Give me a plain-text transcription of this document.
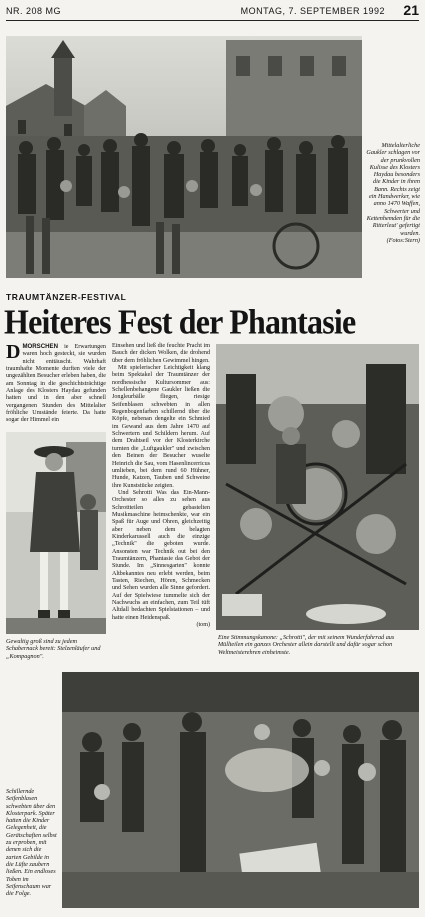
NR. 208 MG	MONTAG, 7. SEPTEMBER 1992 21
Mittelalterliche Gaukler schlagen vor der prunkvollen Kulisse des Klosters Haydau besonders die Kinder in ihren Bann. Rechts zeigt ein Handwerker, wie anno 1470 Waffen, Schwerter und Kettenhemden für die Ritterleut' gefertigt wurden. (Fotos:Stern)
TRAUMTÄNZER-FESTIVAL
Heiteres Fest der Phantasie

MORSCHEN
D	ie Erwartungen waren hoch gesteckt, sie wurden nicht enttäuscht. Wahrhaft traumhafte Momente durften viele der ungezählten Besucher erleben haben, die am Sonntag in die geschichtsträchtige Anlage des Klosters Haydau gefunden hatten und in den aber schnell vergangenen Stunden des Mittelalter fröhliche Umstände feierte. Da hatte sogar der Himmel ein

Gewaltig groß sind zu jedem Schabernack bereit: Stelzenläufer und „Kompagnon".

Einsehen und ließ die feuchte Pracht im Bauch der dicken Wolken, die drohend über dem fröhlichen Gewimmel hingen.

Mit spielerischer Leichtigkeit klang beim Spektakel der Traumtänzer der nordhessische Kultursommer aus: Schellenbehangene Gaukler ließen die Jongleurbälle fliegen, riesige Seifenblasen schwebten in allen Regenbogenfarben schillernd über die Köpfe, nebenan dengelte ein Schmied im Gewand aus dem Jahre 1470 auf Schwertern und Schildern herum. Auf dem Drahtseil vor der Klosterkirche turnten die „Luftgaukler" und zwischen den Beinen der Besucher wuselte Heinrich die Sau, vom Hasenlincerricus umlieben, bei dem rund 60 Hühner, Hunde, Katzen, Tauben und Schweine ihre Kunststücke zeigten.

Und Sehrotti Was das Ein-Mann-Orchester so alles zu sehen aus Schrottteilen gebastelten Musikmaschine heimschenkte, war ein Spaß für Auge und Ohren, gleichzeitig aber neben dem belagten Kinderkarussell auch die einzige „Technik" die geboten wurde. Ansonsten war Technik out bei den Traumtänzern, Phantasie das Gebot der Stunde. Im „Sinnesgarten" konnte Altbekanntes neu erlebt werden, beim Tasten, Riechen, Hören, Schmecken und Sehen wurden alle Sinne gefordert. Auf der Spielwiese tummelte sich der Nachwuchs an einfachen, zum Teil tüft Altdall bedachten Spielstationen – und hatte einen Heidenspaß.

(tom)

Eine Stimmungskanone: „Schrotti", der mit seinem Wunderfahrrad aus Müllteilen ein ganzes Orchester allein darstellt und dafür sogar schon Weltmeisterehren einheimste.
Schillernde Seifenblasen schwebten über den Klosterpark. Später hatten die Kinder Gelegenheit, die Gerätschaften selbst zu erproben, mit denen sich die zarten Gebilde in die Lüfte zaubern ließen. Ein endloses Toben im Seifenschaum war die Folge.
